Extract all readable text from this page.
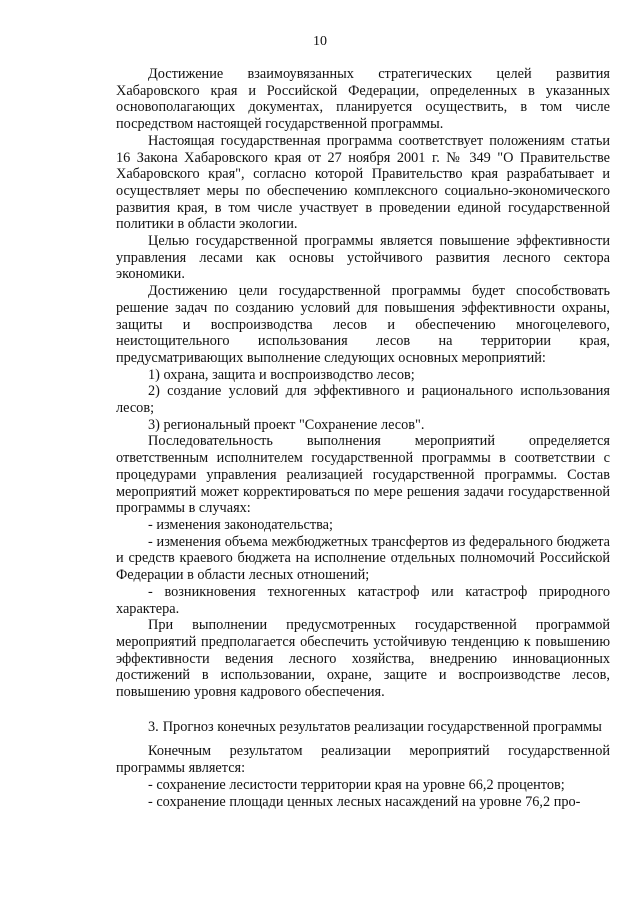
10

Достижение взаимоувязанных стратегических целей развития Хабаровского края и Российской Федерации, определенных в указанных основополагающих документах, планируется осуществить, в том числе посредством настоящей государственной программы.

Настоящая государственная программа соответствует положениям статьи 16 Закона Хабаровского края от 27 ноября 2001 г. № 349 "О Правительстве Хабаровского края", согласно которой Правительство края разрабатывает и осуществляет меры по обеспечению комплексного социально-экономического развития края, в том числе участвует в проведении единой государственной политики в области экологии.

Целью государственной программы является повышение эффективности управления лесами как основы устойчивого развития лесного сектора экономики.

Достижению цели государственной программы будет способствовать решение задач по созданию условий для повышения эффективности охраны, защиты и воспроизводства лесов и обеспечению многоцелевого, неистощительного использования лесов на территории края, предусматривающих выполнение следующих основных мероприятий:

1) охрана, защита и воспроизводство лесов;

2) создание условий для эффективного и рационального использования лесов;

3) региональный проект "Сохранение лесов".

Последовательность выполнения мероприятий определяется ответственным исполнителем государственной программы в соответствии с процедурами управления реализацией государственной программы. Состав мероприятий может корректироваться по мере решения задачи государственной программы в случаях:

- изменения законодательства;

- изменения объема межбюджетных трансфертов из федерального бюджета и средств краевого бюджета на исполнение отдельных полномочий Российской Федерации в области лесных отношений;

- возникновения техногенных катастроф или катастроф природного характера.

При выполнении предусмотренных государственной программой мероприятий предполагается обеспечить устойчивую тенденцию к повышению эффективности ведения лесного хозяйства, внедрению инновационных достижений в использовании, охране, защите и воспроизводстве лесов, повышению уровня кадрового обеспечения.

3. Прогноз конечных результатов реализации государственной программы

Конечным результатом реализации мероприятий государственной программы является:

- сохранение лесистости территории края на уровне 66,2 процентов;

- сохранение площади ценных лесных насаждений на уровне 76,2 про-
